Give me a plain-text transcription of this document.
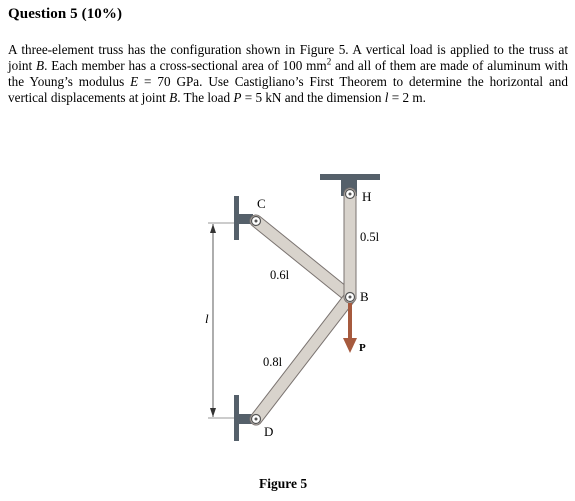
Question 5 (10%)

A three-element truss has the configuration shown in Figure 5. A vertical load is applied to the truss at joint B. Each member has a cross-sectional area of 100 $mm^2$ and all of them are made of aluminum with the Young’s modulus E = 70 GPa. Use Castigliano’s First Theorem to determine the horizontal and vertical displacements at joint B. The load P = 5 kN and the dimension l = 2 m.

l
H
C
B
D
P
0.5l
0.6l
0.8l

Figure 5
